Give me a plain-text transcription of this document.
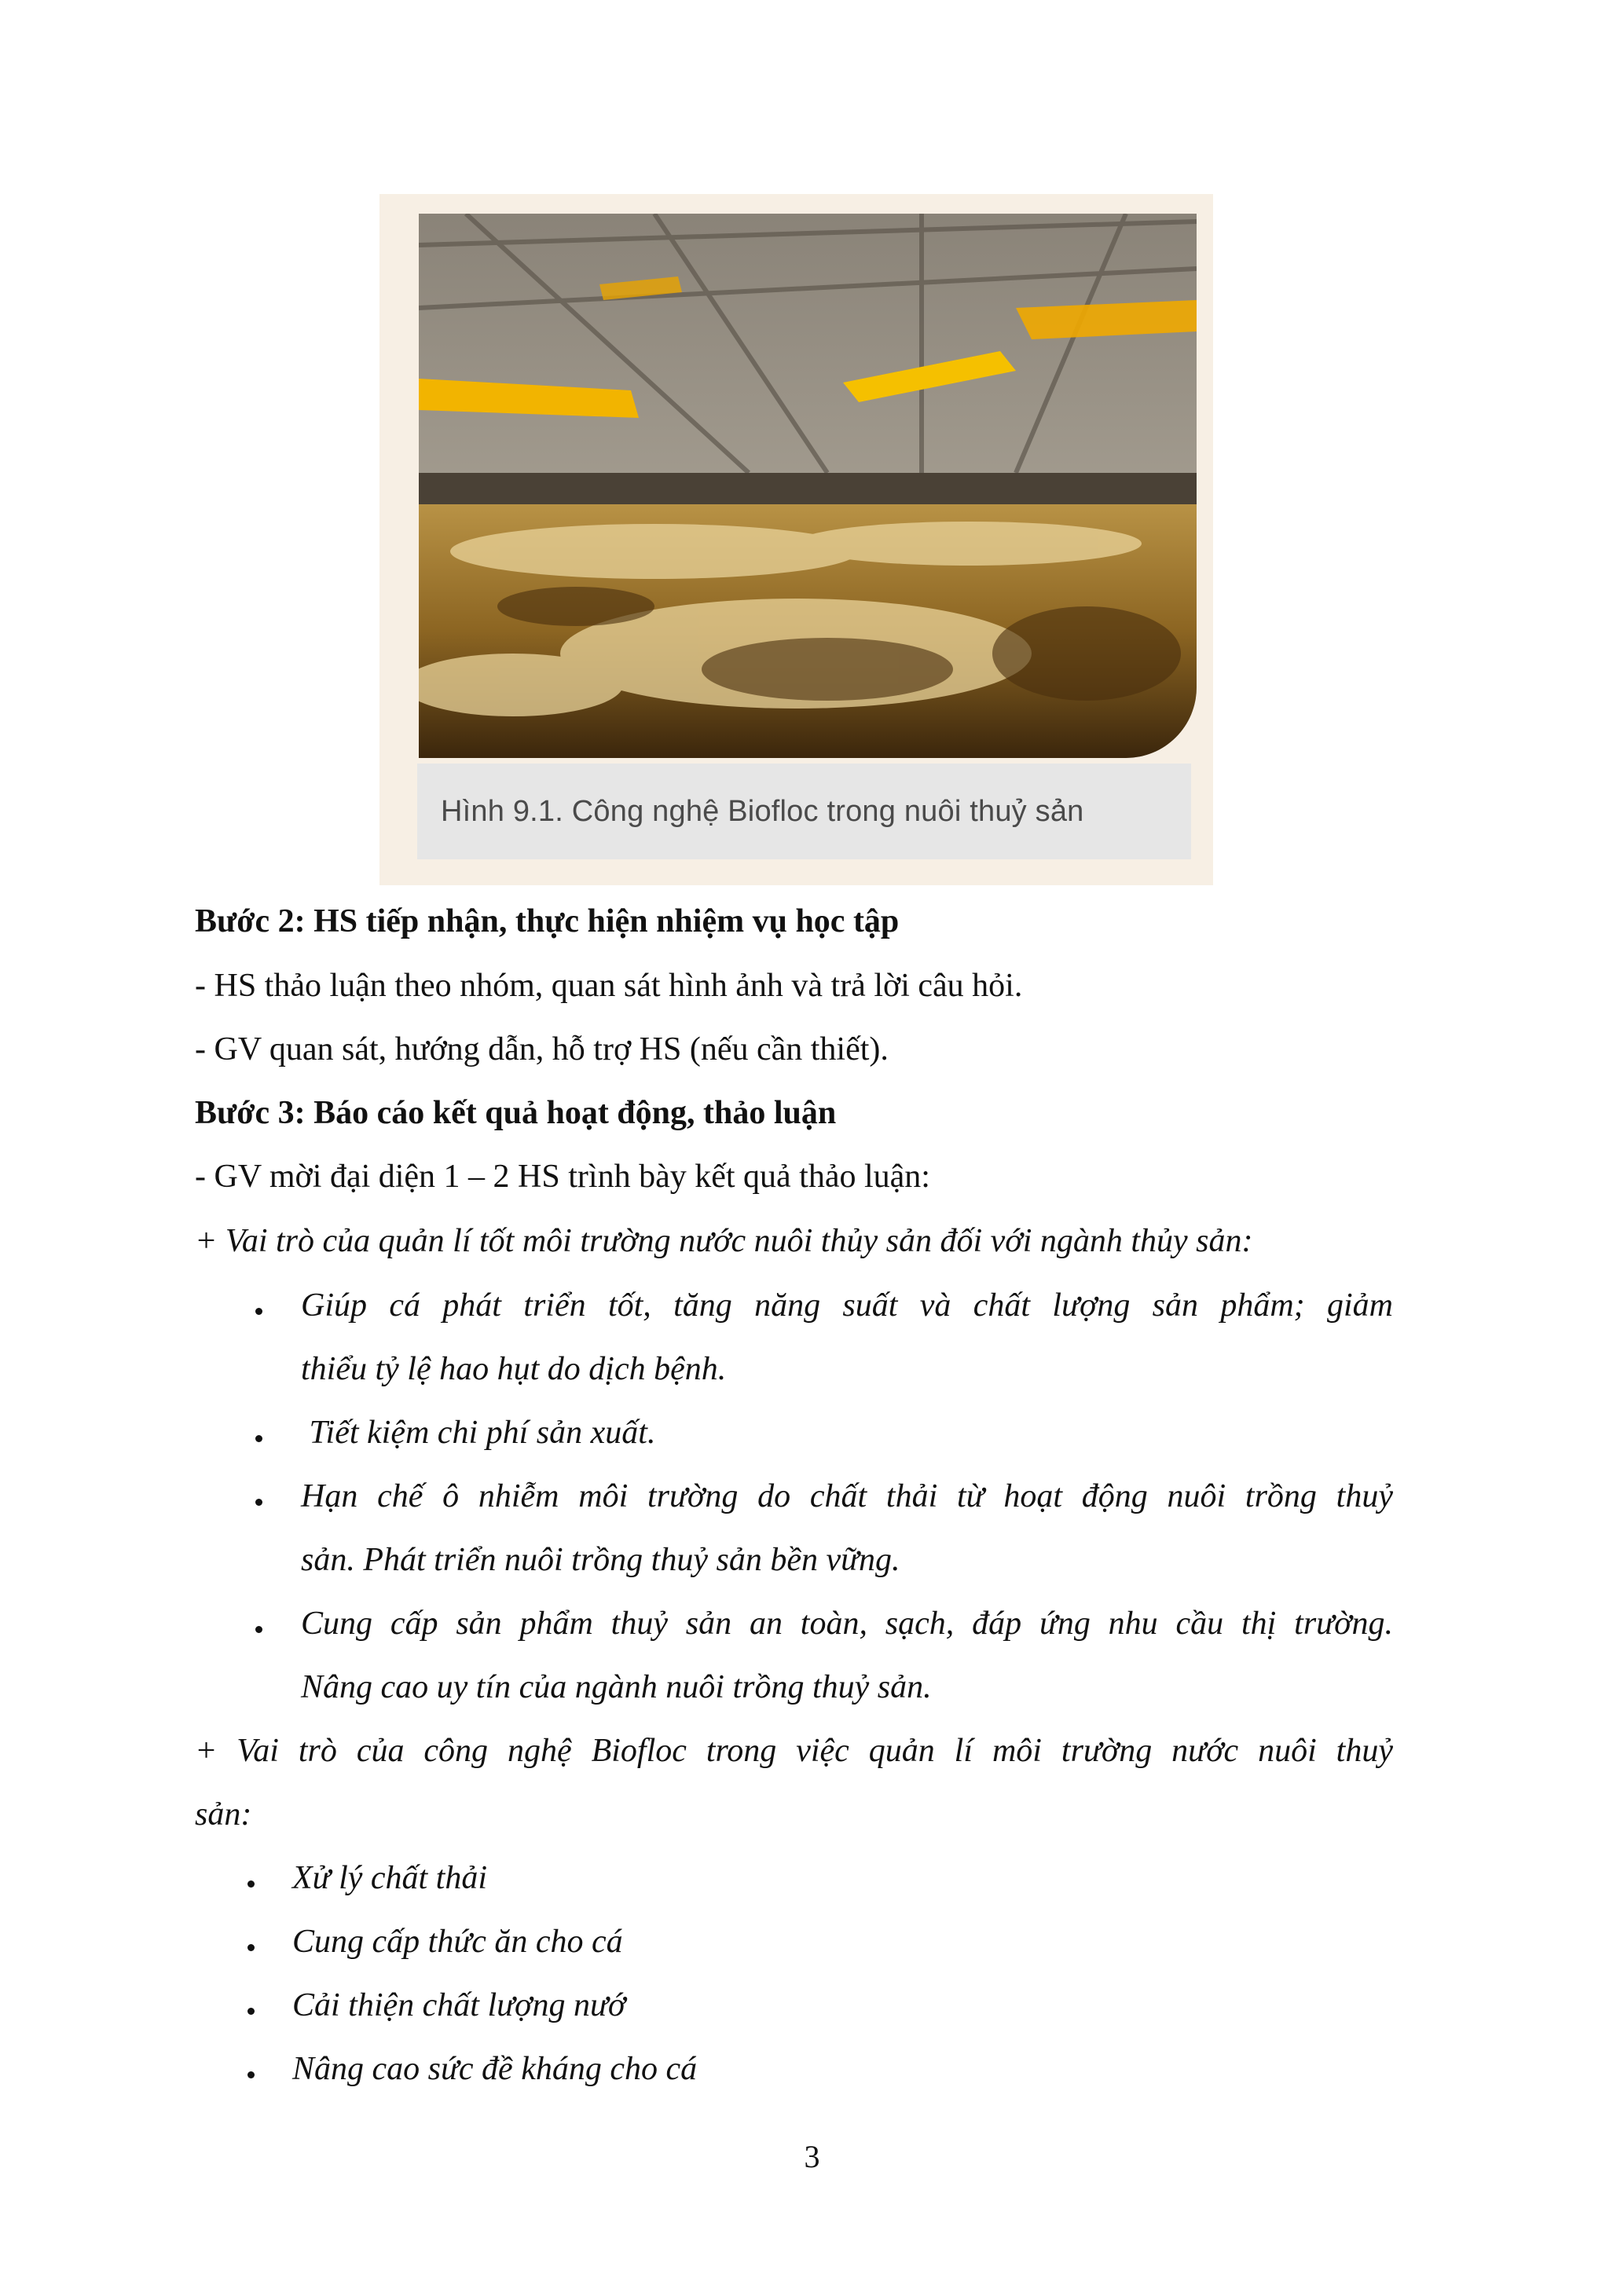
Hình 9.1. Công nghệ Biofloc trong nuôi thuỷ sản
Bước 2: HS tiếp nhận, thực hiện nhiệm vụ học tập
- HS thảo luận theo nhóm, quan sát hình ảnh và trả lời câu hỏi.
- GV quan sát, hướng dẫn, hỗ trợ HS (nếu cần thiết).
Bước 3: Báo cáo kết quả hoạt động, thảo luận
- GV mời đại diện 1 – 2 HS trình bày kết quả thảo luận:
+ Vai trò của quản lí tốt môi trường nước nuôi thủy sản đối với ngành thủy sản:
Giúp cá phát triển tốt, tăng năng suất và chất lượng sản phẩm; giảm
thiểu tỷ lệ hao hụt do dịch bệnh.
Tiết kiệm chi phí sản xuất.
Hạn chế ô nhiễm môi trường do chất thải từ hoạt động nuôi trồng thuỷ
sản. Phát triển nuôi trồng thuỷ sản bền vững.
Cung cấp sản phẩm thuỷ sản an toàn, sạch, đáp ứng nhu cầu thị trường.
Nâng cao uy tín của ngành nuôi trồng thuỷ sản.
+ Vai trò của công nghệ Biofloc trong việc quản lí môi trường nước nuôi thuỷ
sản:
Xử lý chất thải
Cung cấp thức ăn cho cá
Cải thiện chất lượng nướ
Nâng cao sức đề kháng cho cá
3
